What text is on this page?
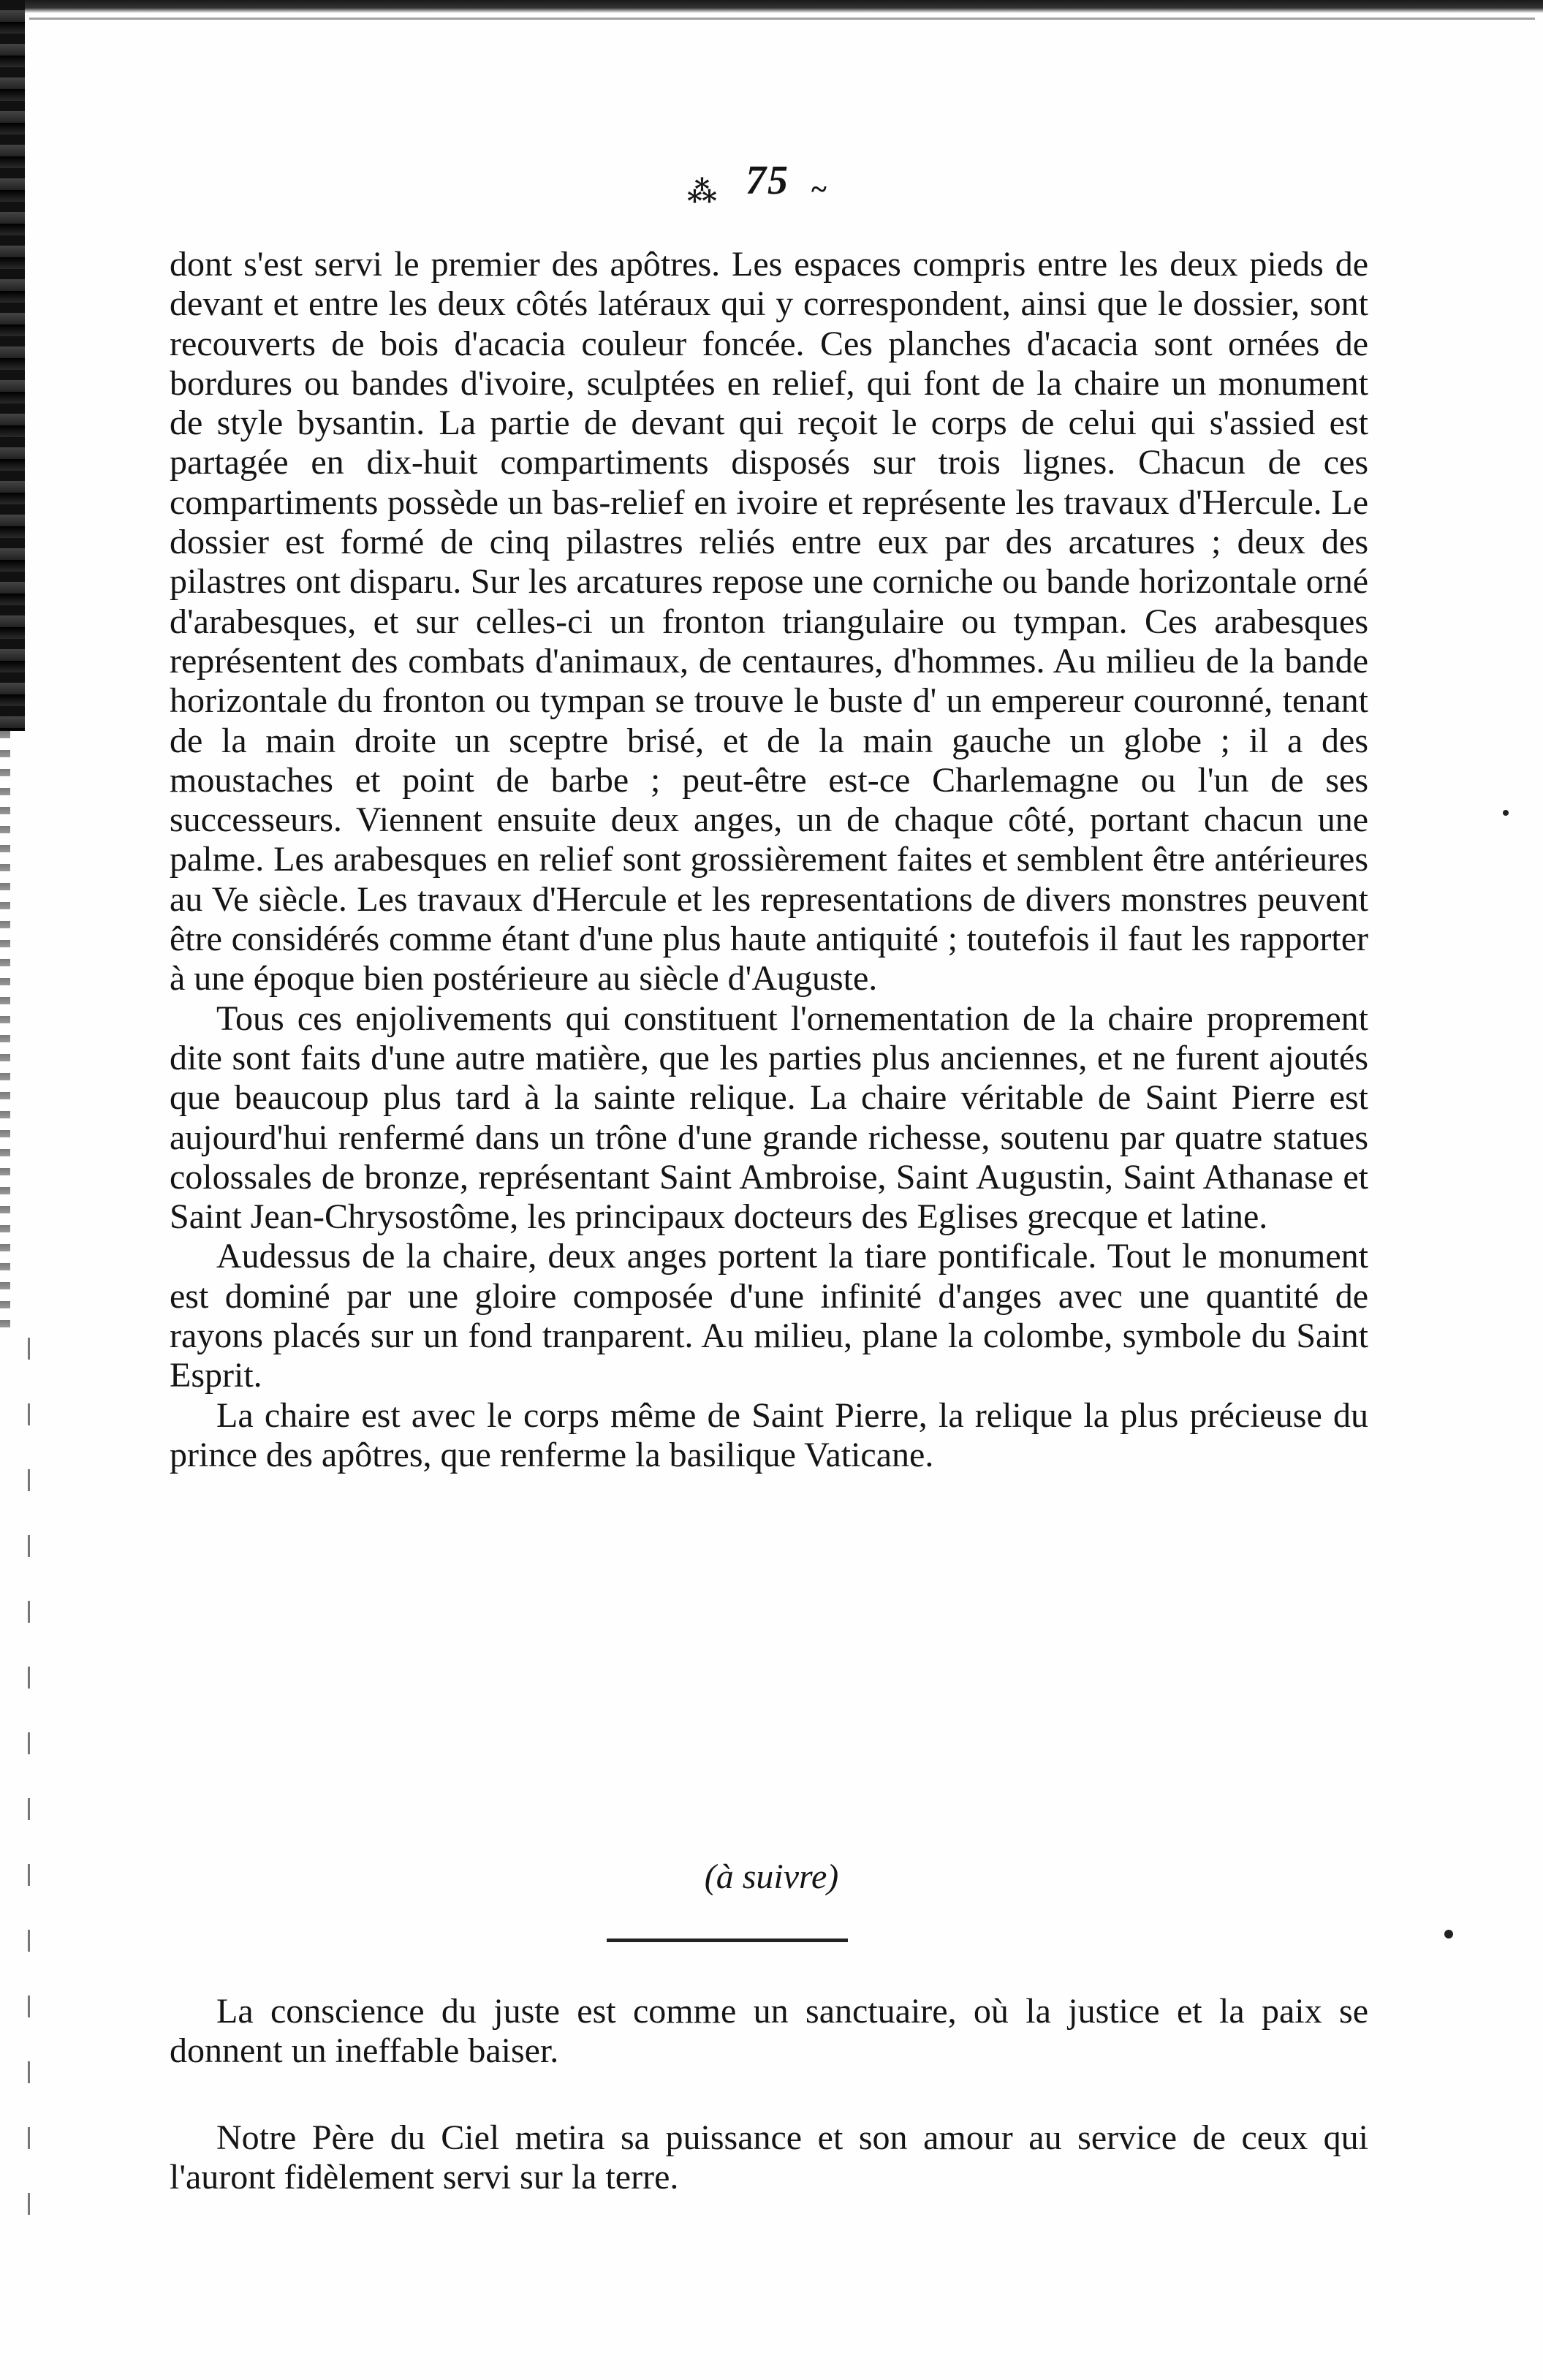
⁂ 75 ~

dont s'est servi le premier des apôtres. Les espaces compris entre les deux pieds de devant et entre les deux côtés latéraux qui y correspondent, ainsi que le dossier, sont recouverts de bois d'acacia couleur foncée. Ces planches d'acacia sont ornées de bordures ou bandes d'ivoire, sculptées en relief, qui font de la chaire un monument de style bysantin. La partie de devant qui reçoit le corps de celui qui s'assied est partagée en dix-huit compartiments disposés sur trois lignes. Chacun de ces compartiments possède un bas-relief en ivoire et représente les travaux d'Hercule. Le dossier est formé de cinq pilastres reliés entre eux par des arcatures ; deux des pilastres ont disparu. Sur les arcatures repose une corniche ou bande horizontale orné d'arabesques, et sur celles-ci un fronton triangulaire ou tympan. Ces arabesques représentent des combats d'animaux, de centaures, d'hommes. Au milieu de la bande horizontale du fronton ou tympan se trouve le buste d' un empereur couronné, tenant de la main droite un sceptre brisé, et de la main gauche un globe ; il a des moustaches et point de barbe ; peut-être est-ce Charlemagne ou l'un de ses successeurs. Viennent ensuite deux anges, un de chaque côté, portant chacun une palme. Les arabesques en relief sont grossièrement faites et semblent être antérieures au Ve siècle. Les travaux d'Hercule et les representations de divers monstres peuvent être considérés comme étant d'une plus haute antiquité ; toutefois il faut les rapporter à une époque bien postérieure au siècle d'Auguste.

Tous ces enjolivements qui constituent l'ornementation de la chaire proprement dite sont faits d'une autre matière, que les parties plus anciennes, et ne furent ajoutés que beaucoup plus tard à la sainte relique. La chaire véritable de Saint Pierre est aujourd'hui renfermé dans un trône d'une grande richesse, soutenu par quatre statues colossales de bronze, représentant Saint Ambroise, Saint Augustin, Saint Athanase et Saint Jean-Chrysostôme, les principaux docteurs des Eglises grecque et latine.

Audessus de la chaire, deux anges portent la tiare pontificale. Tout le monument est dominé par une gloire composée d'une infinité d'anges avec une quantité de rayons placés sur un fond tranparent. Au milieu, plane la colombe, symbole du Saint Esprit.

La chaire est avec le corps même de Saint Pierre, la relique la plus précieuse du prince des apôtres, que renferme la basilique Vaticane.

(à suivre)

La conscience du juste est comme un sanctuaire, où la justice et la paix se donnent un ineffable baiser.

Notre Père du Ciel metira sa puissance et son amour au service de ceux qui l'auront fidèlement servi sur la terre.
